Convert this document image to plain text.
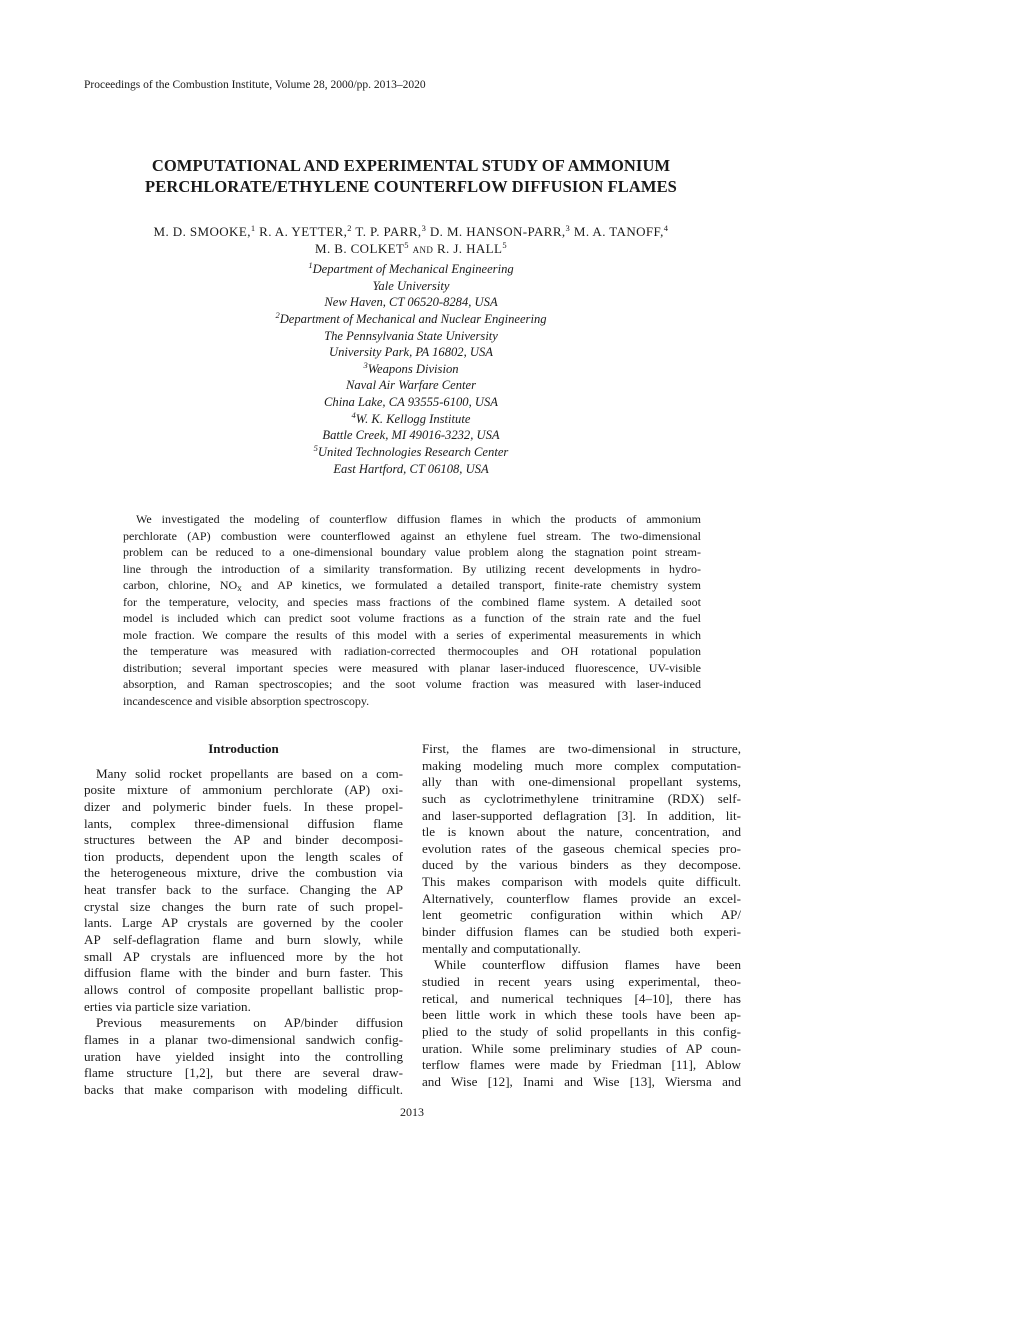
Proceedings of the Combustion Institute, Volume 28, 2000/pp. 2013–2020
COMPUTATIONAL AND EXPERIMENTAL STUDY OF AMMONIUM
PERCHLORATE/ETHYLENE COUNTERFLOW DIFFUSION FLAMES
M. D. SMOOKE,$^1$ R. A. YETTER,$^2$ T. P. PARR,$^3$ D. M. HANSON-PARR,$^3$ M. A. TANOFF,$^4$
M. B. COLKET$^5$ and R. J. HALL$^5$
$^1$Department of Mechanical Engineering
Yale University
New Haven, CT 06520-8284, USA
$^2$Department of Mechanical and Nuclear Engineering
The Pennsylvania State University
University Park, PA 16802, USA
$^3$Weapons Division
Naval Air Warfare Center
China Lake, CA 93555-6100, USA
$^4$W. K. Kellogg Institute
Battle Creek, MI 49016-3232, USA
$^5$United Technologies Research Center
East Hartford, CT 06108, USA
We investigated the modeling of counterflow diffusion flames in which the products of ammonium
perchlorate (AP) combustion were counterflowed against an ethylene fuel stream. The two-dimensional
problem can be reduced to a one-dimensional boundary value problem along the stagnation point stream-
line through the introduction of a similarity transformation. By utilizing recent developments in hydro-
carbon, chlorine, $NO_x$ and AP kinetics, we formulated a detailed transport, finite-rate chemistry system
for the temperature, velocity, and species mass fractions of the combined flame system. A detailed soot
model is included which can predict soot volume fractions as a function of the strain rate and the fuel
mole fraction. We compare the results of this model with a series of experimental measurements in which
the temperature was measured with radiation-corrected thermocouples and OH rotational population
distribution; several important species were measured with planar laser-induced fluorescence, UV-visible
absorption, and Raman spectroscopies; and the soot volume fraction was measured with laser-induced
incandescence and visible absorption spectroscopy.
Introduction
Many solid rocket propellants are based on a com-
posite mixture of ammonium perchlorate (AP) oxi-
dizer and polymeric binder fuels. In these propel-
lants, complex three-dimensional diffusion flame
structures between the AP and binder decomposi-
tion products, dependent upon the length scales of
the heterogeneous mixture, drive the combustion via
heat transfer back to the surface. Changing the AP
crystal size changes the burn rate of such propel-
lants. Large AP crystals are governed by the cooler
AP self-deflagration flame and burn slowly, while
small AP crystals are influenced more by the hot
diffusion flame with the binder and burn faster. This
allows control of composite propellant ballistic prop-
erties via particle size variation.
Previous measurements on AP/binder diffusion
flames in a planar two-dimensional sandwich config-
uration have yielded insight into the controlling
flame structure [1,2], but there are several draw-
backs that make comparison with modeling difficult.
First, the flames are two-dimensional in structure,
making modeling much more complex computation-
ally than with one-dimensional propellant systems,
such as cyclotrimethylene trinitramine (RDX) self-
and laser-supported deflagration [3]. In addition, lit-
tle is known about the nature, concentration, and
evolution rates of the gaseous chemical species pro-
duced by the various binders as they decompose.
This makes comparison with models quite difficult.
Alternatively, counterflow flames provide an excel-
lent geometric configuration within which AP/
binder diffusion flames can be studied both experi-
mentally and computationally.
While counterflow diffusion flames have been
studied in recent years using experimental, theo-
retical, and numerical techniques [4–10], there has
been little work in which these tools have been ap-
plied to the study of solid propellants in this config-
uration. While some preliminary studies of AP coun-
terflow flames were made by Friedman [11], Ablow
and Wise [12], Inami and Wise [13], Wiersma and
2013
